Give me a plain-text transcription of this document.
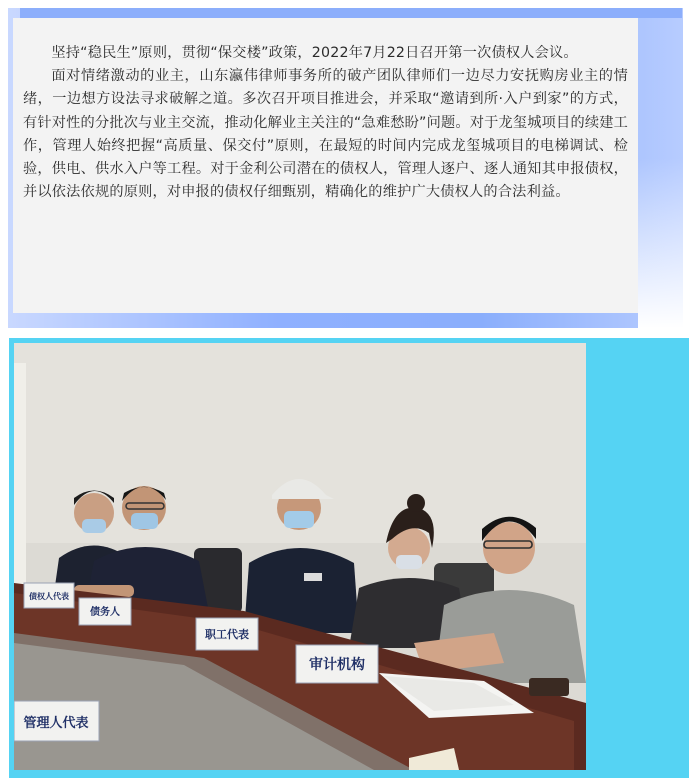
坚持“稳民生”原则，贯彻“保交楼”政策，2022年7月22日召开第一次债权人会议。

面对情绪激动的业主，山东瀛伟律师事务所的破产团队律师们一边尽力安抚购房业主的情绪，一边想方设法寻求破解之道。多次召开项目推进会，并采取“邀请到所·入户到家”的方式，有针对性的分批次与业主交流，推动化解业主关注的“急难愁盼”问题。对于龙玺城项目的续建工作，管理人始终把握“高质量、保交付”原则，在最短的时间内完成龙玺城项目的电梯调试、检验，供电、供水入户等工程。对于金利公司潜在的债权人，管理人逐户、逐人通知其申报债权，并以依法依规的原则，对申报的债权仔细甄别，精确化的维护广大债权人的合法利益。

债权人代表
债务人
职工代表
审计机构
管理人代表
